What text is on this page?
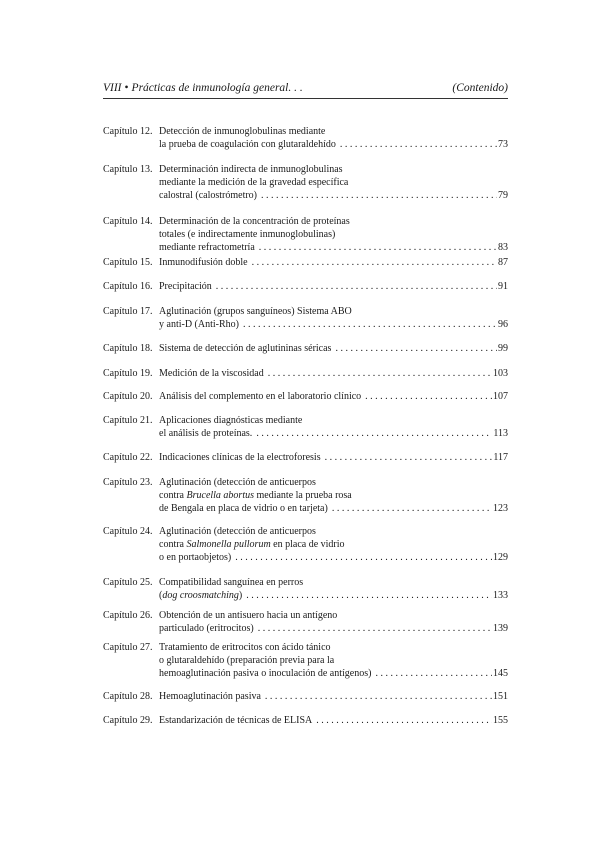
VIII • Prácticas de inmunología general. . .	(Contenido)
Capítulo 12. Detección de inmunoglobulinas mediante
la prueba de coagulación con glutaraldehído . . .	73
Capítulo 13. Determinación indirecta de inmunoglobulinas
mediante la medición de la gravedad específica
calostral (calostrómetro) . . .	79
Capítulo 14. Determinación de la concentración de proteínas
totales (e indirectamente inmunoglobulinas)
mediante refractometría . . .	83
Capítulo 15. Inmunodifusión doble . . .	87
Capítulo 16. Precipitación . . .	91
Capítulo 17. Aglutinación (grupos sanguíneos) Sistema ABO
y anti-D (Anti-Rho) . . .	96
Capítulo 18. Sistema de detección de aglutininas séricas . . .	99
Capítulo 19. Medición de la viscosidad . . .	103
Capítulo 20. Análisis del complemento en el laboratorio clínico . . .	107
Capítulo 21. Aplicaciones diagnósticas mediante
el análisis de proteínas. . . .	113
Capítulo 22. Indicaciones clínicas de la electroforesis . . .	117
Capítulo 23. Aglutinación (detección de anticuerpos
contra Brucella abortus mediante la prueba rosa
de Bengala en placa de vidrio o en tarjeta) . . .	123
Capítulo 24. Aglutinación (detección de anticuerpos
contra Salmonella pullorum en placa de vidrio
o en portaobjetos) . . .	129
Capítulo 25. Compatibilidad sanguínea en perros
(dog croosmatching) . . .	133
Capítulo 26. Obtención de un antisuero hacia un antígeno
particulado (eritrocitos) . . .	139
Capítulo 27. Tratamiento de eritrocitos con ácido tánico
o glutaraldehído (preparación previa para la
hemoaglutinación pasiva o inoculación de antígenos) . . .	145
Capítulo 28. Hemoaglutinación pasiva . . .	151
Capítulo 29. Estandarización de técnicas de ELISA . . .	155
